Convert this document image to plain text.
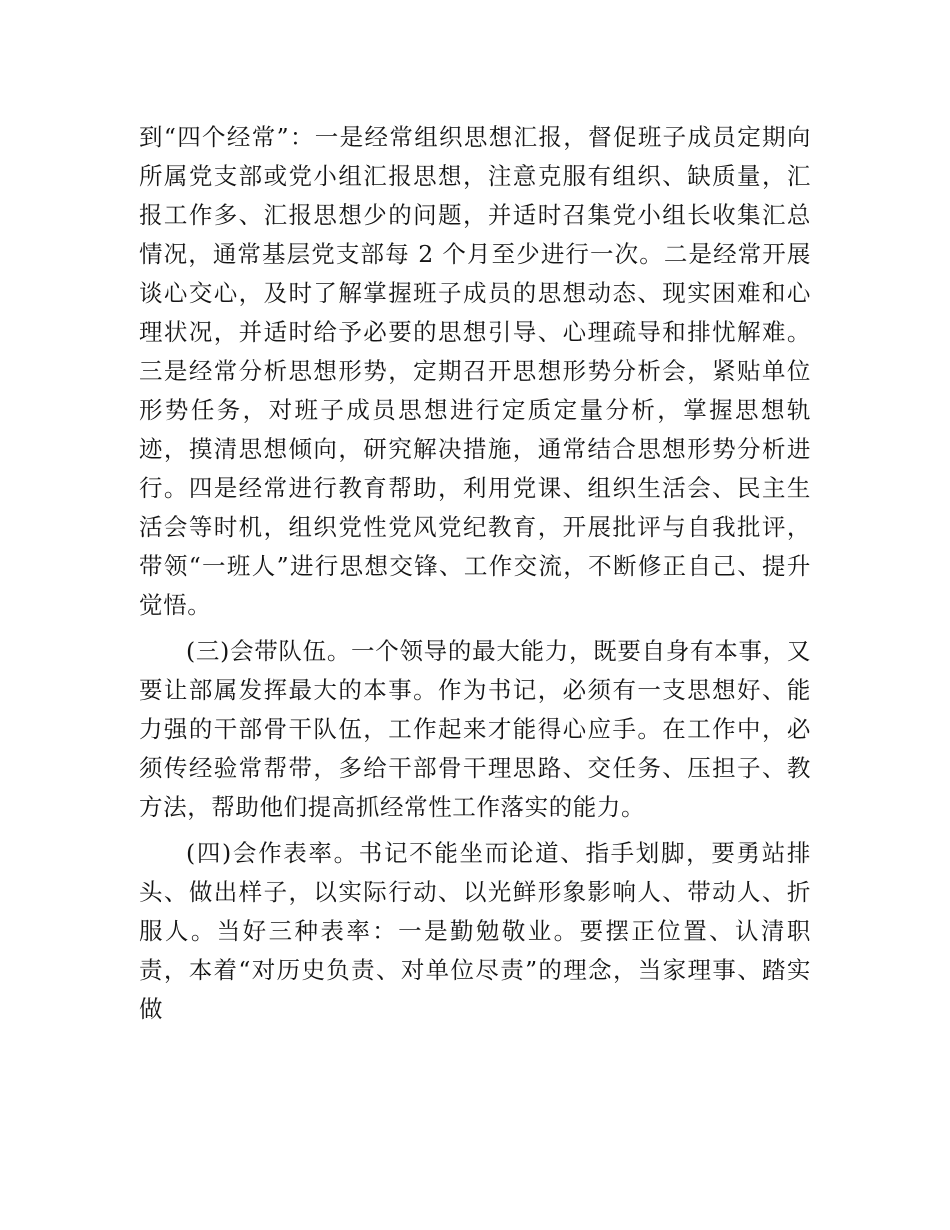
到“四个经常”：一是经常组织思想汇报，督促班子成员定期向所属党支部或党小组汇报思想，注意克服有组织、缺质量，汇报工作多、汇报思想少的问题，并适时召集党小组长收集汇总情况，通常基层党支部每 2 个月至少进行一次。二是经常开展谈心交心，及时了解掌握班子成员的思想动态、现实困难和心理状况，并适时给予必要的思想引导、心理疏导和排忧解难。三是经常分析思想形势，定期召开思想形势分析会，紧贴单位形势任务，对班子成员思想进行定质定量分析，掌握思想轨迹，摸清思想倾向，研究解决措施，通常结合思想形势分析进行。四是经常进行教育帮助，利用党课、组织生活会、民主生活会等时机，组织党性党风党纪教育，开展批评与自我批评，带领“一班人”进行思想交锋、工作交流，不断修正自己、提升觉悟。

(三)会带队伍。一个领导的最大能力，既要自身有本事，又要让部属发挥最大的本事。作为书记，必须有一支思想好、能力强的干部骨干队伍，工作起来才能得心应手。在工作中，必须传经验常帮带，多给干部骨干理思路、交任务、压担子、教方法，帮助他们提高抓经常性工作落实的能力。

(四)会作表率。书记不能坐而论道、指手划脚，要勇站排头、做出样子，以实际行动、以光鲜形象影响人、带动人、折服人。当好三种表率：一是勤勉敬业。要摆正位置、认清职责，本着“对历史负责、对单位尽责”的理念，当家理事、踏实做
